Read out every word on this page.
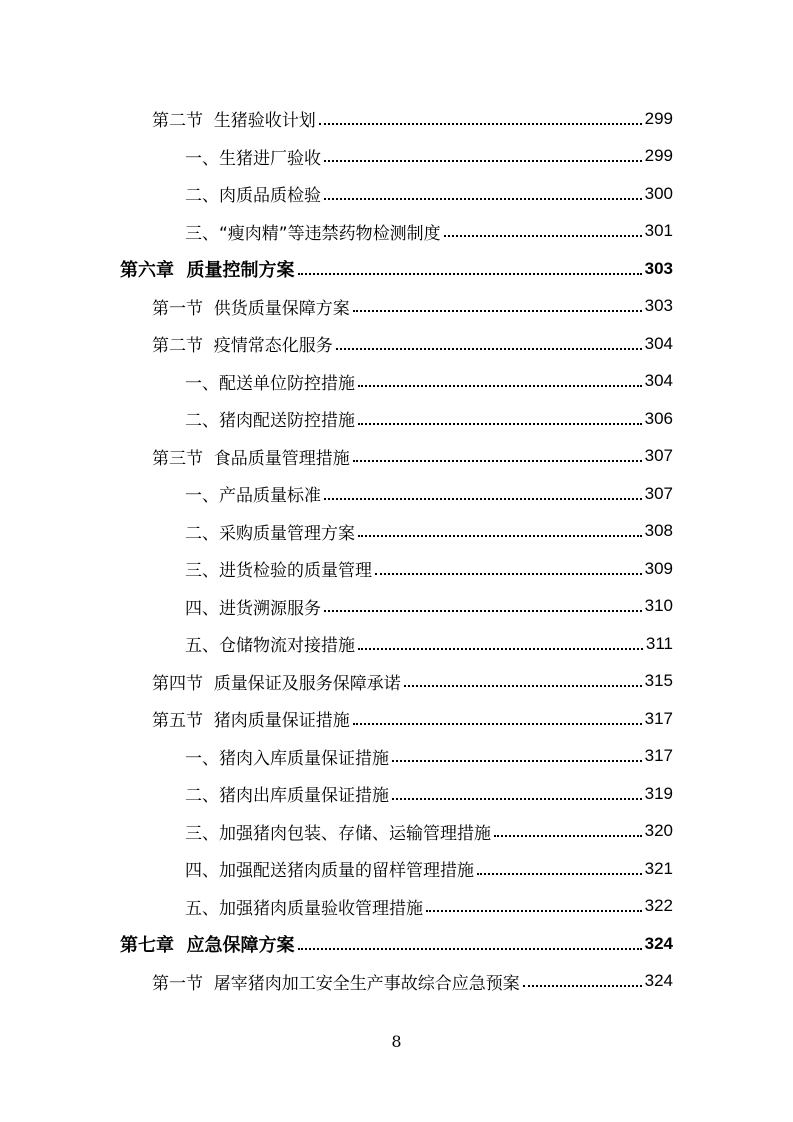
第二节  生猪验收计划	299
一、生猪进厂验收	299
二、肉质品质检验	300
三、“瘦肉精”等违禁药物检测制度	301
第六章  质量控制方案	303
第一节  供货质量保障方案	303
第二节  疫情常态化服务	304
一、配送单位防控措施	304
二、猪肉配送防控措施	306
第三节  食品质量管理措施	307
一、产品质量标准	307
二、采购质量管理方案	308
三、进货检验的质量管理	309
四、进货溯源服务	310
五、仓储物流对接措施	311
第四节  质量保证及服务保障承诺	315
第五节  猪肉质量保证措施	317
一、猪肉入库质量保证措施	317
二、猪肉出库质量保证措施	319
三、加强猪肉包装、存储、运输管理措施	320
四、加强配送猪肉质量的留样管理措施	321
五、加强猪肉质量验收管理措施	322
第七章  应急保障方案	324
第一节  屠宰猪肉加工安全生产事故综合应急预案	324
8
